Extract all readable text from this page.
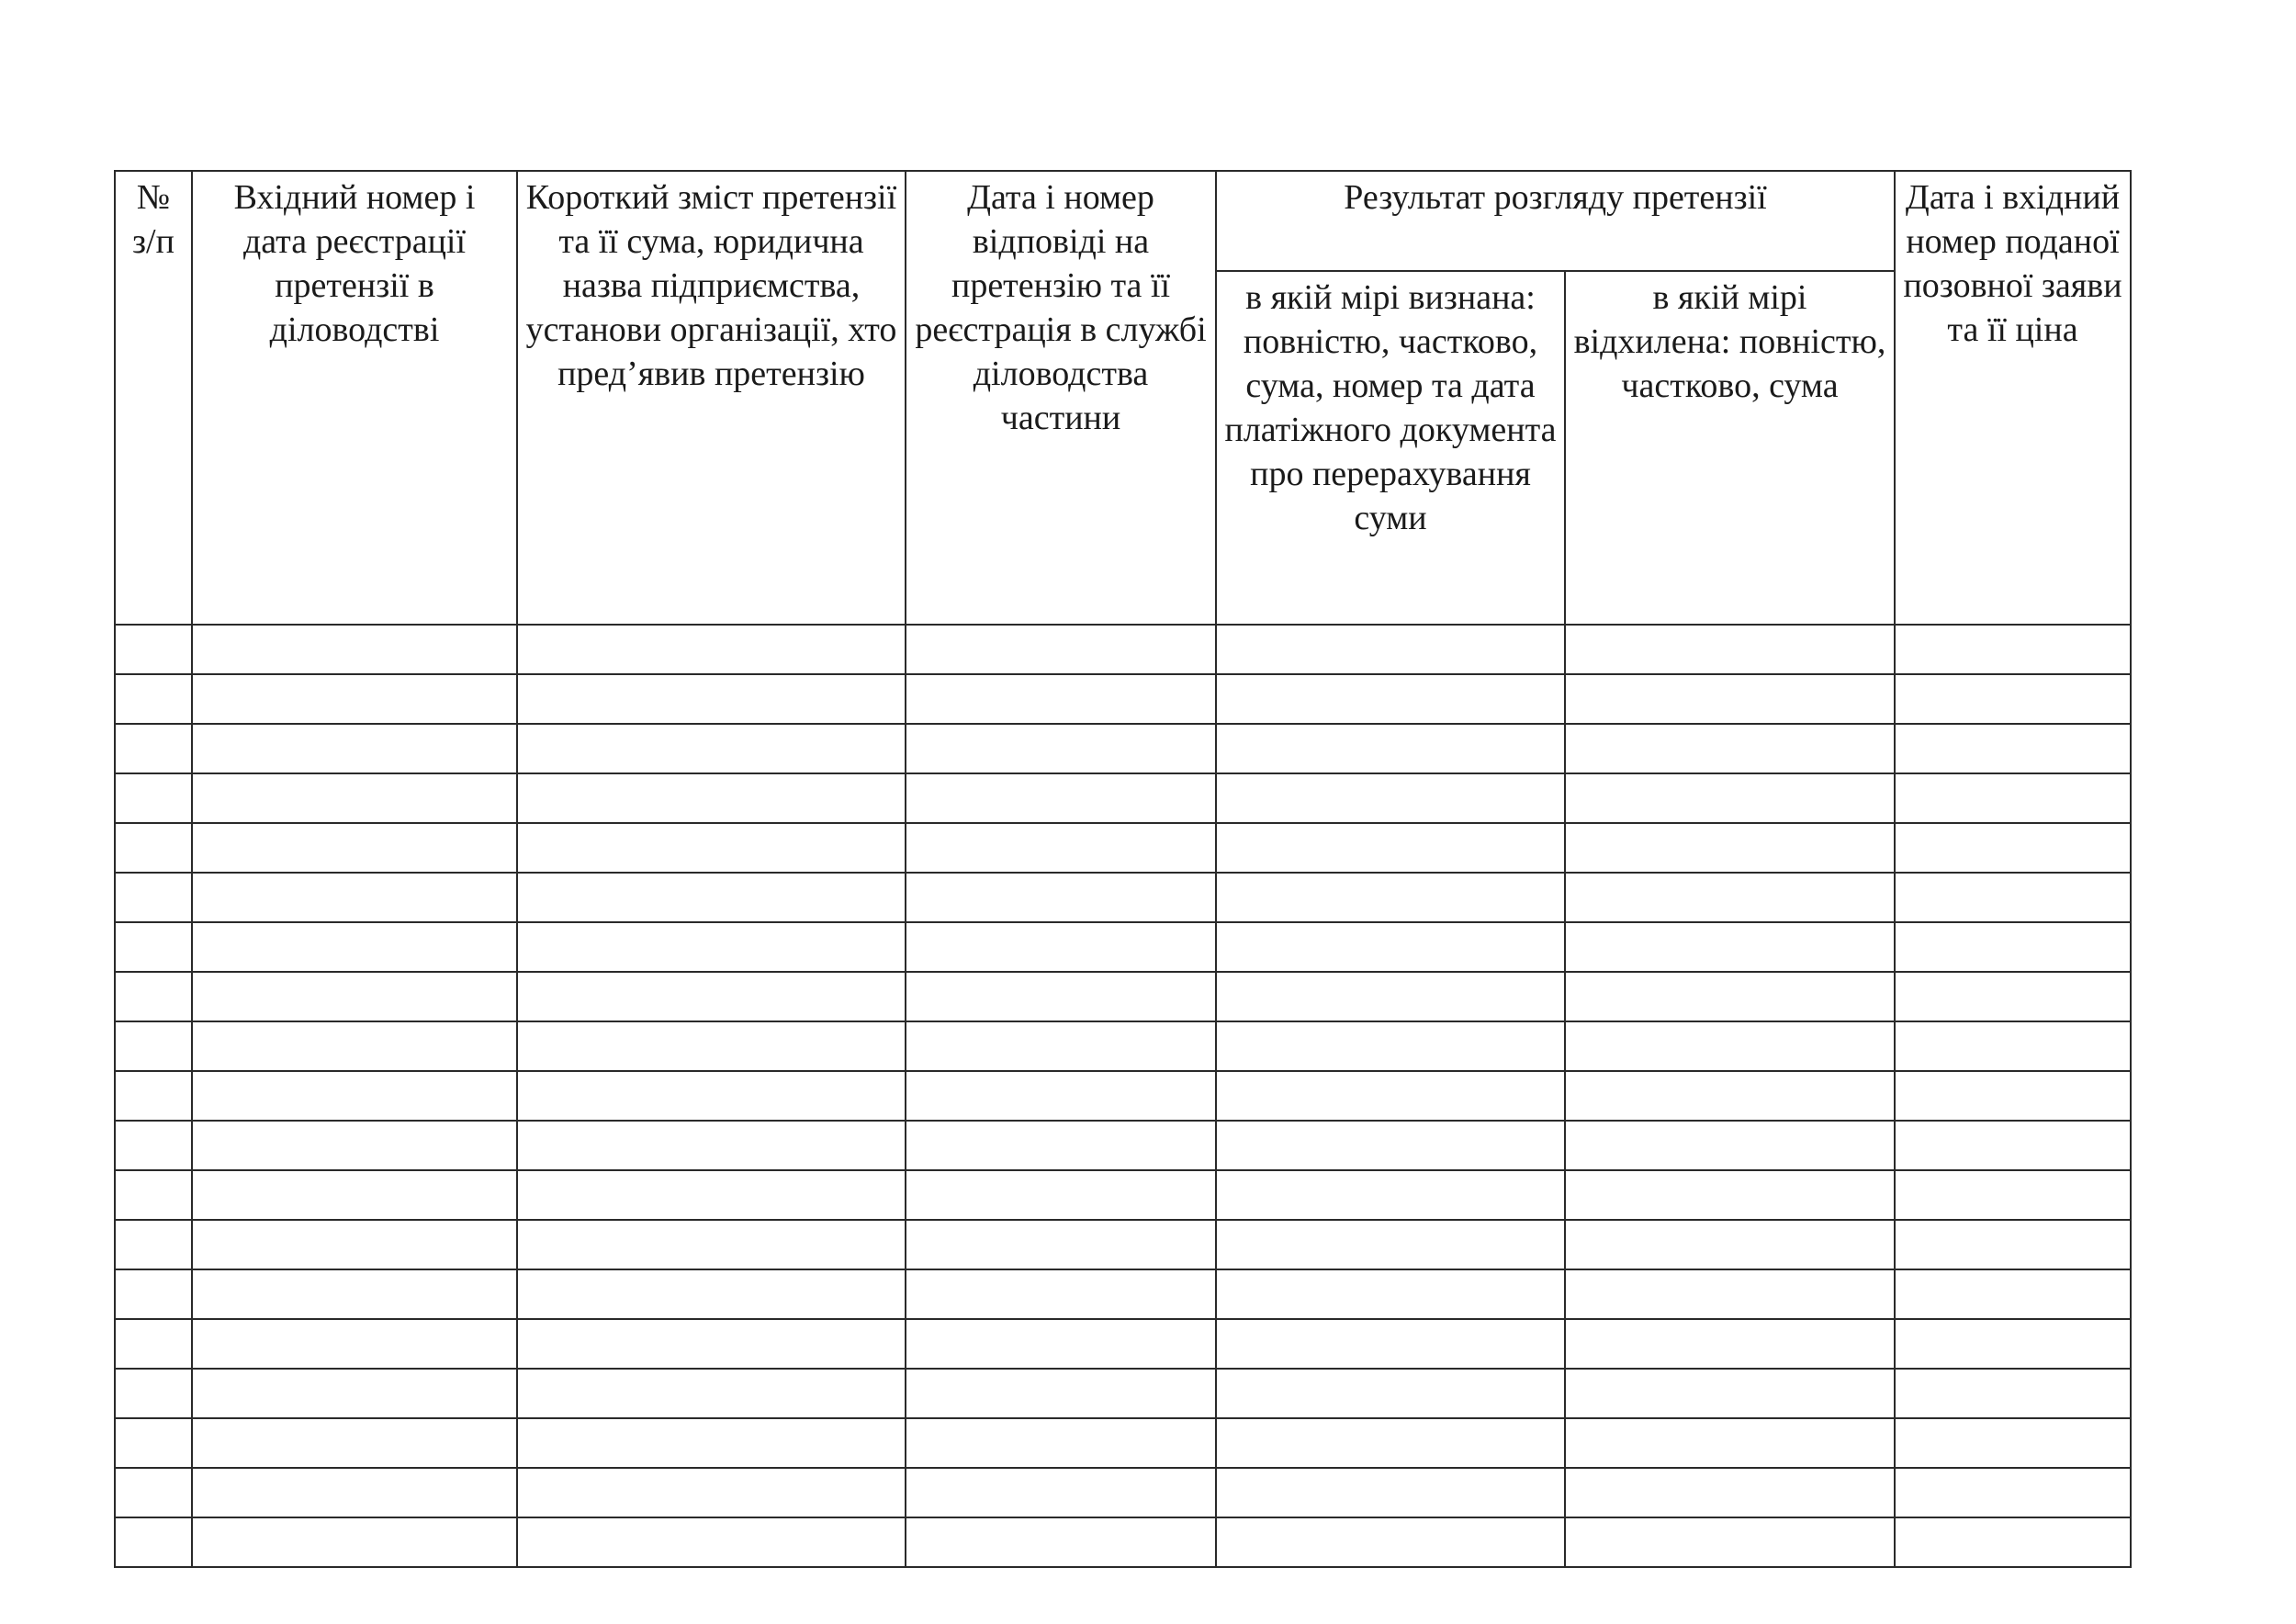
№ з/п	Вхідний номер і дата реєстрації претензії в діловодстві	Короткий зміст претензії та її сума, юридична назва підприємства, установи організації, хто пред’явив претензію	Дата і номер відповіді на претензію та її реєстрація в службі діловодства частини	Результат розгляду претензії		Дата і вхідний номер поданої позовної заяви та її ціна

				в якій мірі визнана: повністю, частково, сума, номер та дата платіжного документа про перерахування суми	в якій мірі відхилена: повністю, частково, сума	
